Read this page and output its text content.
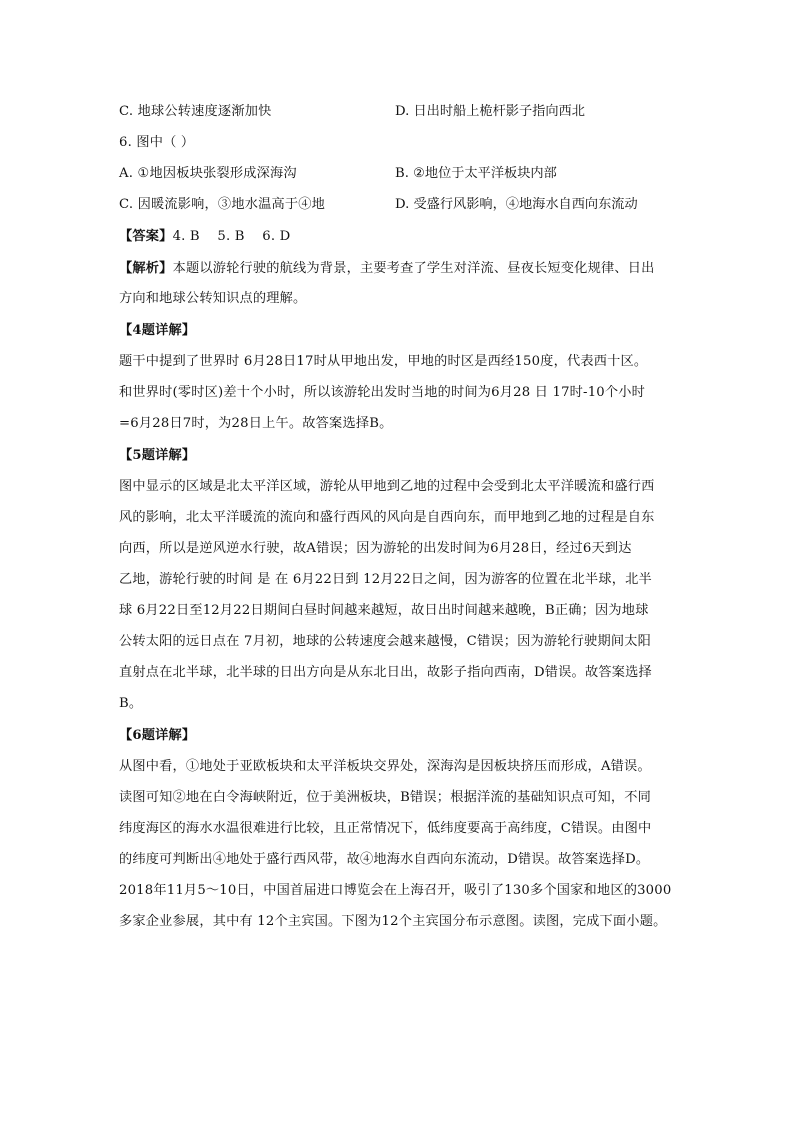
C. 地球公转速度逐渐加快	D. 日出时船上桅杆影子指向西北
6. 图中（ ）
A. ①地因板块张裂形成深海沟	B. ②地位于太平洋板块内部
C. 因暖流影响，③地水温高于④地	D. 受盛行风影响，④地海水自西向东流动
【答案】4. B    5. B    6. D
【解析】本题以游轮行驶的航线为背景，主要考查了学生对洋流、昼夜长短变化规律、日出
方向和地球公转知识点的理解。
【4题详解】
题干中提到了世界时 6月28日17时从甲地出发，甲地的时区是西经150度，代表西十区。
和世界时(零时区)差十个小时，所以该游轮出发时当地的时间为6月28 日 17时-10个小时
=6月28日7时，为28日上午。故答案选择B。
【5题详解】
图中显示的区域是北太平洋区域，游轮从甲地到乙地的过程中会受到北太平洋暖流和盛行西
风的影响，北太平洋暖流的流向和盛行西风的风向是自西向东，而甲地到乙地的过程是自东
向西，所以是逆风逆水行驶，故A错误；因为游轮的出发时间为6月28日，经过6天到达
乙地，游轮行驶的时间 是 在 6月22日到 12月22日之间，因为游客的位置在北半球，北半
球 6月22日至12月22日期间白昼时间越来越短，故日出时间越来越晚，B正确；因为地球
公转太阳的远日点在 7月初，地球的公转速度会越来越慢，C错误；因为游轮行驶期间太阳
直射点在北半球，北半球的日出方向是从东北日出，故影子指向西南，D错误。故答案选择
B。
【6题详解】
从图中看，①地处于亚欧板块和太平洋板块交界处，深海沟是因板块挤压而形成，A错误。
读图可知②地在白令海峡附近，位于美洲板块，B错误；根据洋流的基础知识点可知，不同
纬度海区的海水水温很难进行比较，且正常情况下，低纬度要高于高纬度，C错误。由图中
的纬度可判断出④地处于盛行西风带，故④地海水自西向东流动，D错误。故答案选择D。
2018年11月5～10日，中国首届进口博览会在上海召开，吸引了130多个国家和地区的3000
多家企业参展，其中有 12个主宾国。下图为12个主宾国分布示意图。读图，完成下面小题。
